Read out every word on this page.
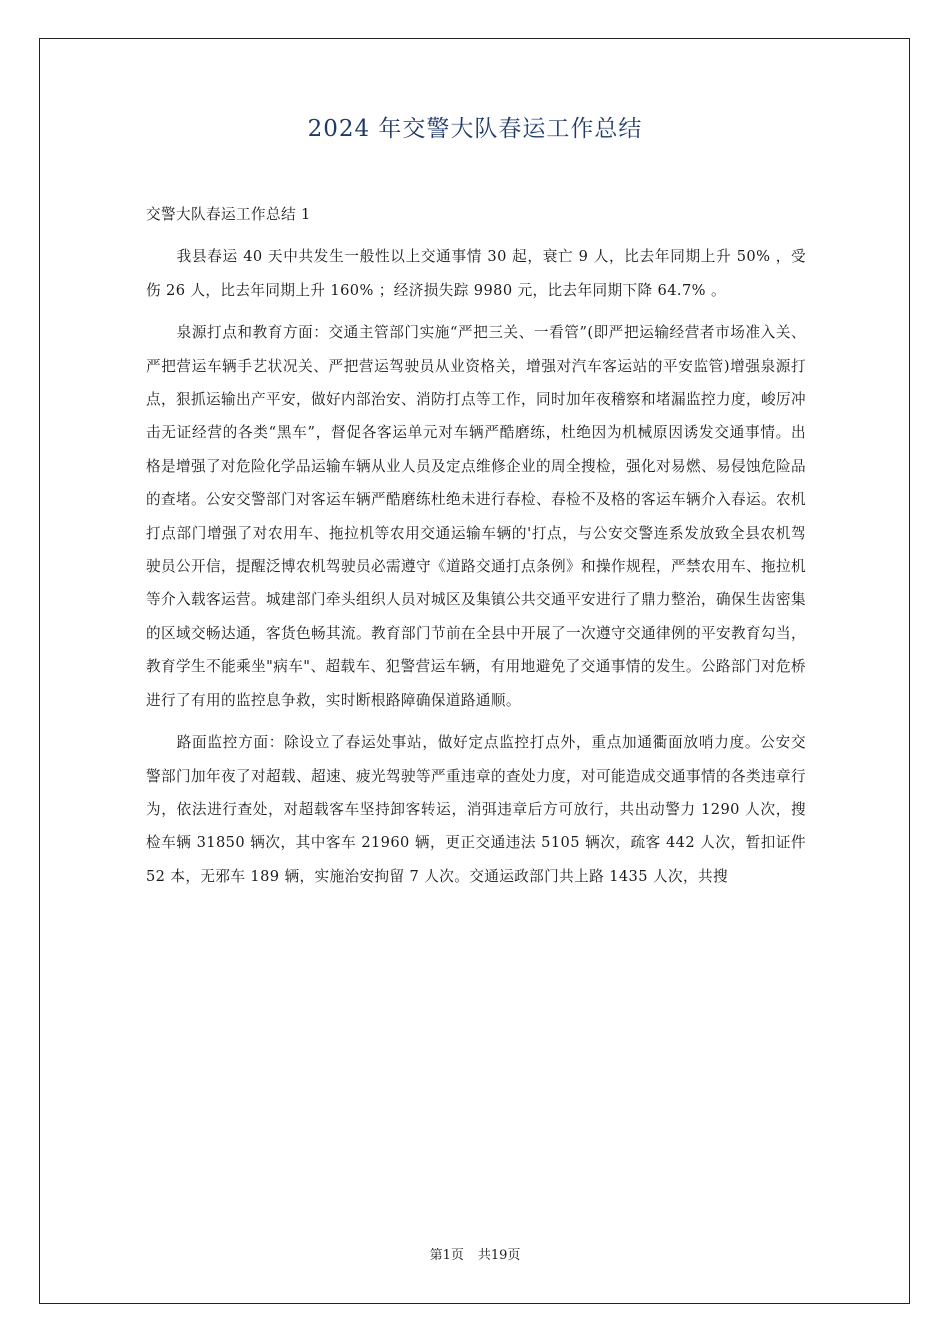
2024 年交警大队春运工作总结

交警大队春运工作总结 1

我县春运 40 天中共发生一般性以上交通事情 30 起，衰亡 9 人，比去年同期上升 50% ，受伤 26 人，比去年同期上升 160% ；经济损失踪 9980 元，比去年同期下降 64.7% 。

泉源打点和教育方面：交通主管部门实施“严把三关、一看管”(即严把运输经营者市场准入关、严把营运车辆手艺状况关、严把营运驾驶员从业资格关，增强对汽车客运站的平安监管)增强泉源打点，狠抓运输出产平安，做好内部治安、消防打点等工作，同时加年夜稽察和堵漏监控力度，峻厉冲击无证经营的各类“黑车”，督促各客运单元对车辆严酷磨练，杜绝因为机械原因诱发交通事情。出格是增强了对危险化学品运输车辆从业人员及定点维修企业的周全搜检，强化对易燃、易侵蚀危险品的查堵。公安交警部门对客运车辆严酷磨练杜绝未进行春检、春检不及格的客运车辆介入春运。农机打点部门增强了对农用车、拖拉机等农用交通运输车辆的'打点，与公安交警连系发放致全县农机驾驶员公开信，提醒泛博农机驾驶员必需遵守《道路交通打点条例》和操作规程，严禁农用车、拖拉机等介入载客运营。城建部门牵头组织人员对城区及集镇公共交通平安进行了鼎力整治，确保生齿密集的区域交畅达通，客货色畅其流。教育部门节前在全县中开展了一次遵守交通律例的平安教育勾当，教育学生不能乘坐"病车"、超载车、犯警营运车辆，有用地避免了交通事情的发生。公路部门对危桥进行了有用的监控息争救，实时断根路障确保道路通顺。

路面监控方面：除设立了春运处事站，做好定点监控打点外，重点加通衢面放哨力度。公安交警部门加年夜了对超载、超速、疲光驾驶等严重违章的查处力度，对可能造成交通事情的各类违章行为，依法进行查处，对超载客车坚持卸客转运，消弭违章后方可放行，共出动警力 1290 人次，搜检车辆 31850 辆次，其中客车 21960 辆，更正交通违法 5105 辆次，疏客 442 人次，暂扣证件 52 本，无邪车 189 辆，实施治安拘留 7 人次。交通运政部门共上路 1435 人次，共搜

第1页 共19页
